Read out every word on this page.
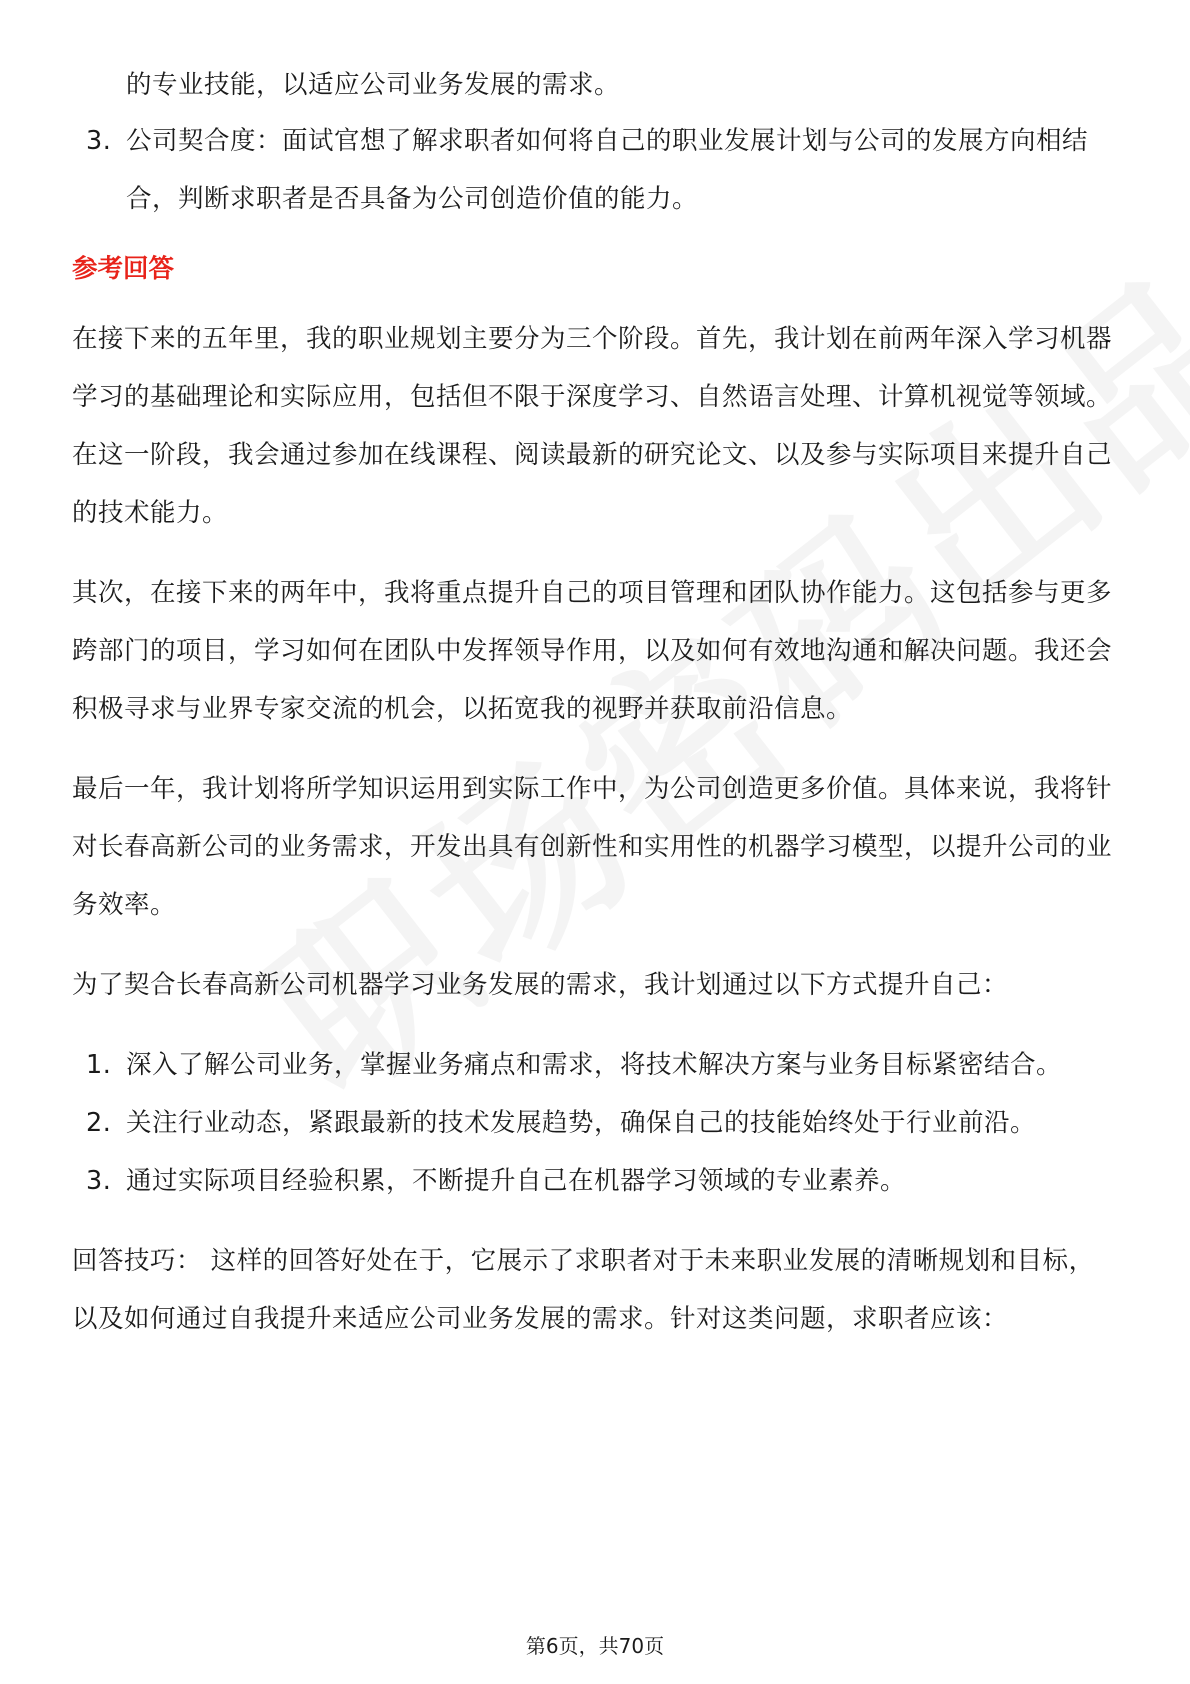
的专业技能，以适应公司业务发展的需求。
3. 公司契合度：面试官想了解求职者如何将自己的职业发展计划与公司的发展方向相结合，判断求职者是否具备为公司创造价值的能力。

参考回答

在接下来的五年里，我的职业规划主要分为三个阶段。首先，我计划在前两年深入学习机器学习的基础理论和实际应用，包括但不限于深度学习、自然语言处理、计算机视觉等领域。在这一阶段，我会通过参加在线课程、阅读最新的研究论文、以及参与实际项目来提升自己的技术能力。

其次，在接下来的两年中，我将重点提升自己的项目管理和团队协作能力。这包括参与更多跨部门的项目，学习如何在团队中发挥领导作用，以及如何有效地沟通和解决问题。我还会积极寻求与业界专家交流的机会，以拓宽我的视野并获取前沿信息。

最后一年，我计划将所学知识运用到实际工作中，为公司创造更多价值。具体来说，我将针对长春高新公司的业务需求，开发出具有创新性和实用性的机器学习模型，以提升公司的业务效率。

为了契合长春高新公司机器学习业务发展的需求，我计划通过以下方式提升自己：

1. 深入了解公司业务，掌握业务痛点和需求，将技术解决方案与业务目标紧密结合。
2. 关注行业动态，紧跟最新的技术发展趋势，确保自己的技能始终处于行业前沿。
3. 通过实际项目经验积累，不断提升自己在机器学习领域的专业素养。

回答技巧： 这样的回答好处在于，它展示了求职者对于未来职业发展的清晰规划和目标，以及如何通过自我提升来适应公司业务发展的需求。针对这类问题，求职者应该：

第6页，共70页
